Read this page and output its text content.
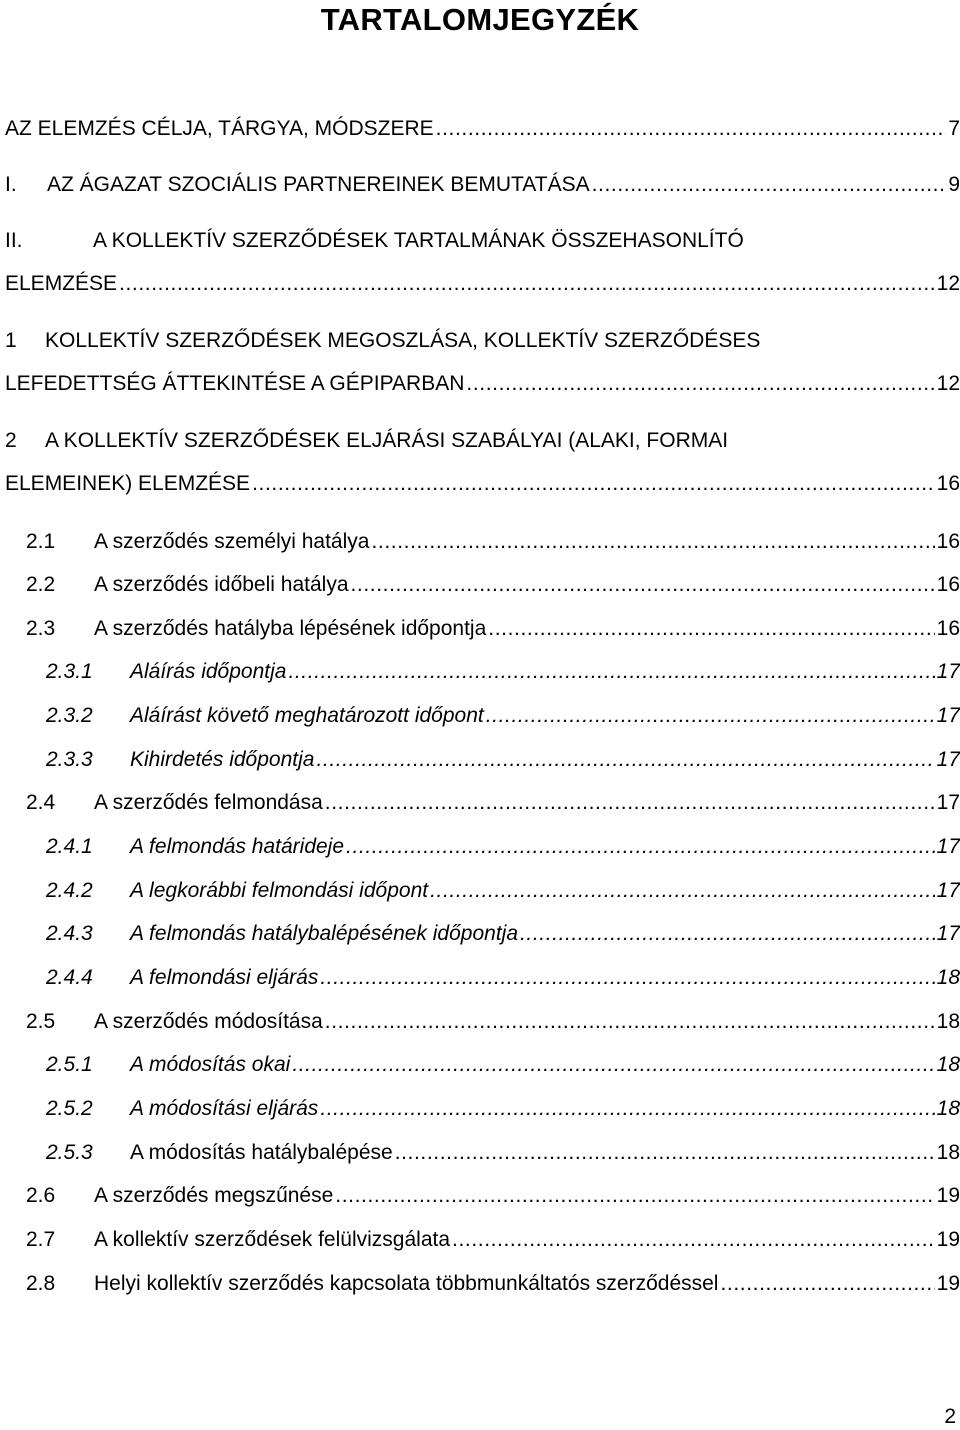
TARTALOMJEGYZÉK
AZ ELEMZÉS CÉLJA, TÁRGYA, MÓDSZERE .....	7
I.	AZ ÁGAZAT SZOCIÁLIS PARTNEREINEK BEMUTATÁSA .....	9
II.	A KOLLEKTÍV SZERZŐDÉSEK TARTALMÁNAK ÖSSZEHASONLÍTÓ
ELEMZÉSE .....	12
1	KOLLEKTÍV SZERZŐDÉSEK MEGOSZLÁSA, KOLLEKTÍV SZERZŐDÉSES
LEFEDETTSÉG ÁTTEKINTÉSE A GÉPIPARBAN .....	12
2	A KOLLEKTÍV SZERZŐDÉSEK ELJÁRÁSI SZABÁLYAI (ALAKI, FORMAI
ELEMEINEK) ELEMZÉSE .....	16
2.1	A szerződés személyi hatálya .....	16
2.2	A szerződés időbeli hatálya .....	16
2.3	A szerződés hatályba lépésének időpontja .....	16
2.3.1	Aláírás időpontja .....	17
2.3.2	Aláírást követő meghatározott időpont .....	17
2.3.3	Kihirdetés időpontja .....	17
2.4	A szerződés felmondása .....	17
2.4.1	A felmondás határideje .....	17
2.4.2	A legkorábbi felmondási időpont .....	17
2.4.3	A felmondás hatálybalépésének időpontja .....	17
2.4.4	A felmondási eljárás .....	18
2.5	A szerződés módosítása .....	18
2.5.1	A módosítás okai .....	18
2.5.2	A módosítási eljárás .....	18
2.5.3	A módosítás hatálybalépése .....	18
2.6	A szerződés megszűnése .....	19
2.7	A kollektív szerződések felülvizsgálata .....	19
2.8	Helyi kollektív szerződés kapcsolata többmunkáltatós szerződéssel .....	19
2
